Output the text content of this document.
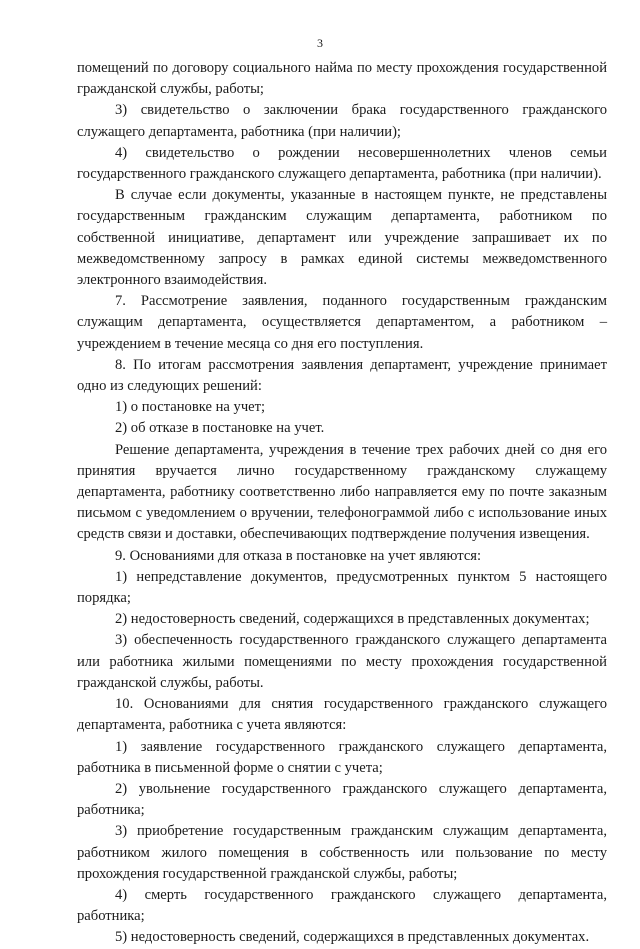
3

помещений по договору социального найма по месту прохождения государственной гражданской службы, работы;

3) свидетельство о заключении брака государственного гражданского служащего департамента, работника (при наличии);

4) свидетельство о рождении несовершеннолетних членов семьи государственного гражданского служащего департамента, работника (при наличии).

В случае если документы, указанные в настоящем пункте, не представлены государственным гражданским служащим департамента, работником по собственной инициативе, департамент или учреждение запрашивает их по межведомственному запросу в рамках единой системы межведомственного электронного взаимодействия.

7. Рассмотрение заявления, поданного государственным гражданским служащим департамента, осуществляется департаментом, а работником – учреждением в течение месяца со дня его поступления.

8. По итогам рассмотрения заявления департамент, учреждение принимает одно из следующих решений:

1) о постановке на учет;

2) об отказе в постановке на учет.

Решение департамента, учреждения в течение трех рабочих дней со дня его принятия вручается лично государственному гражданскому служащему департамента, работнику соответственно либо направляется ему по почте заказным письмом с уведомлением о вручении, телефонограммой либо с использование иных средств связи и доставки, обеспечивающих подтверждение получения извещения.

9. Основаниями для отказа в постановке на учет являются:

1) непредставление документов, предусмотренных пунктом 5 настоящего порядка;

2) недостоверность сведений, содержащихся в представленных документах;

3) обеспеченность государственного гражданского служащего департамента или работника жилыми помещениями по месту прохождения государственной гражданской службы, работы.

10. Основаниями для снятия государственного гражданского служащего департамента, работника с учета являются:

1) заявление государственного гражданского служащего департамента, работника в письменной форме о снятии с учета;

2) увольнение государственного гражданского служащего департамента, работника;

3) приобретение государственным гражданским служащим департамента, работником жилого помещения в собственность или пользование по месту прохождения государственной гражданской службы, работы;

4) смерть государственного гражданского служащего департамента, работника;

5) недостоверность сведений, содержащихся в представленных документах.
